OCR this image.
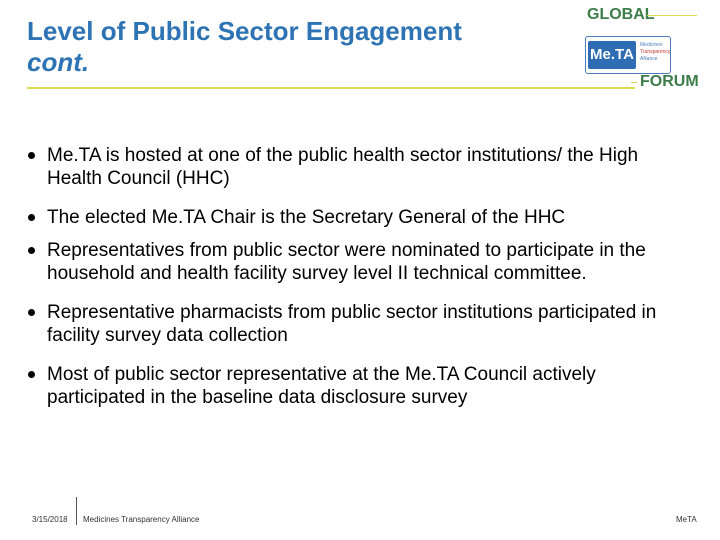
Level of Public Sector Engagement
cont.
GLOBAL
Me.TA
Medicines
Transparency
Alliance
FORUM
Me.TA is hosted at one of the public health sector institutions/ the High Health Council (HHC)
The elected Me.TA Chair is the Secretary General of the HHC
Representatives from public sector were nominated to participate in the household and health facility survey level II technical committee.
Representative pharmacists from public sector institutions participated in facility survey data collection
Most of public sector representative at the Me.TA Council actively participated in the baseline data disclosure survey
3/15/2018 Medicines Transparency Alliance	MeTA
